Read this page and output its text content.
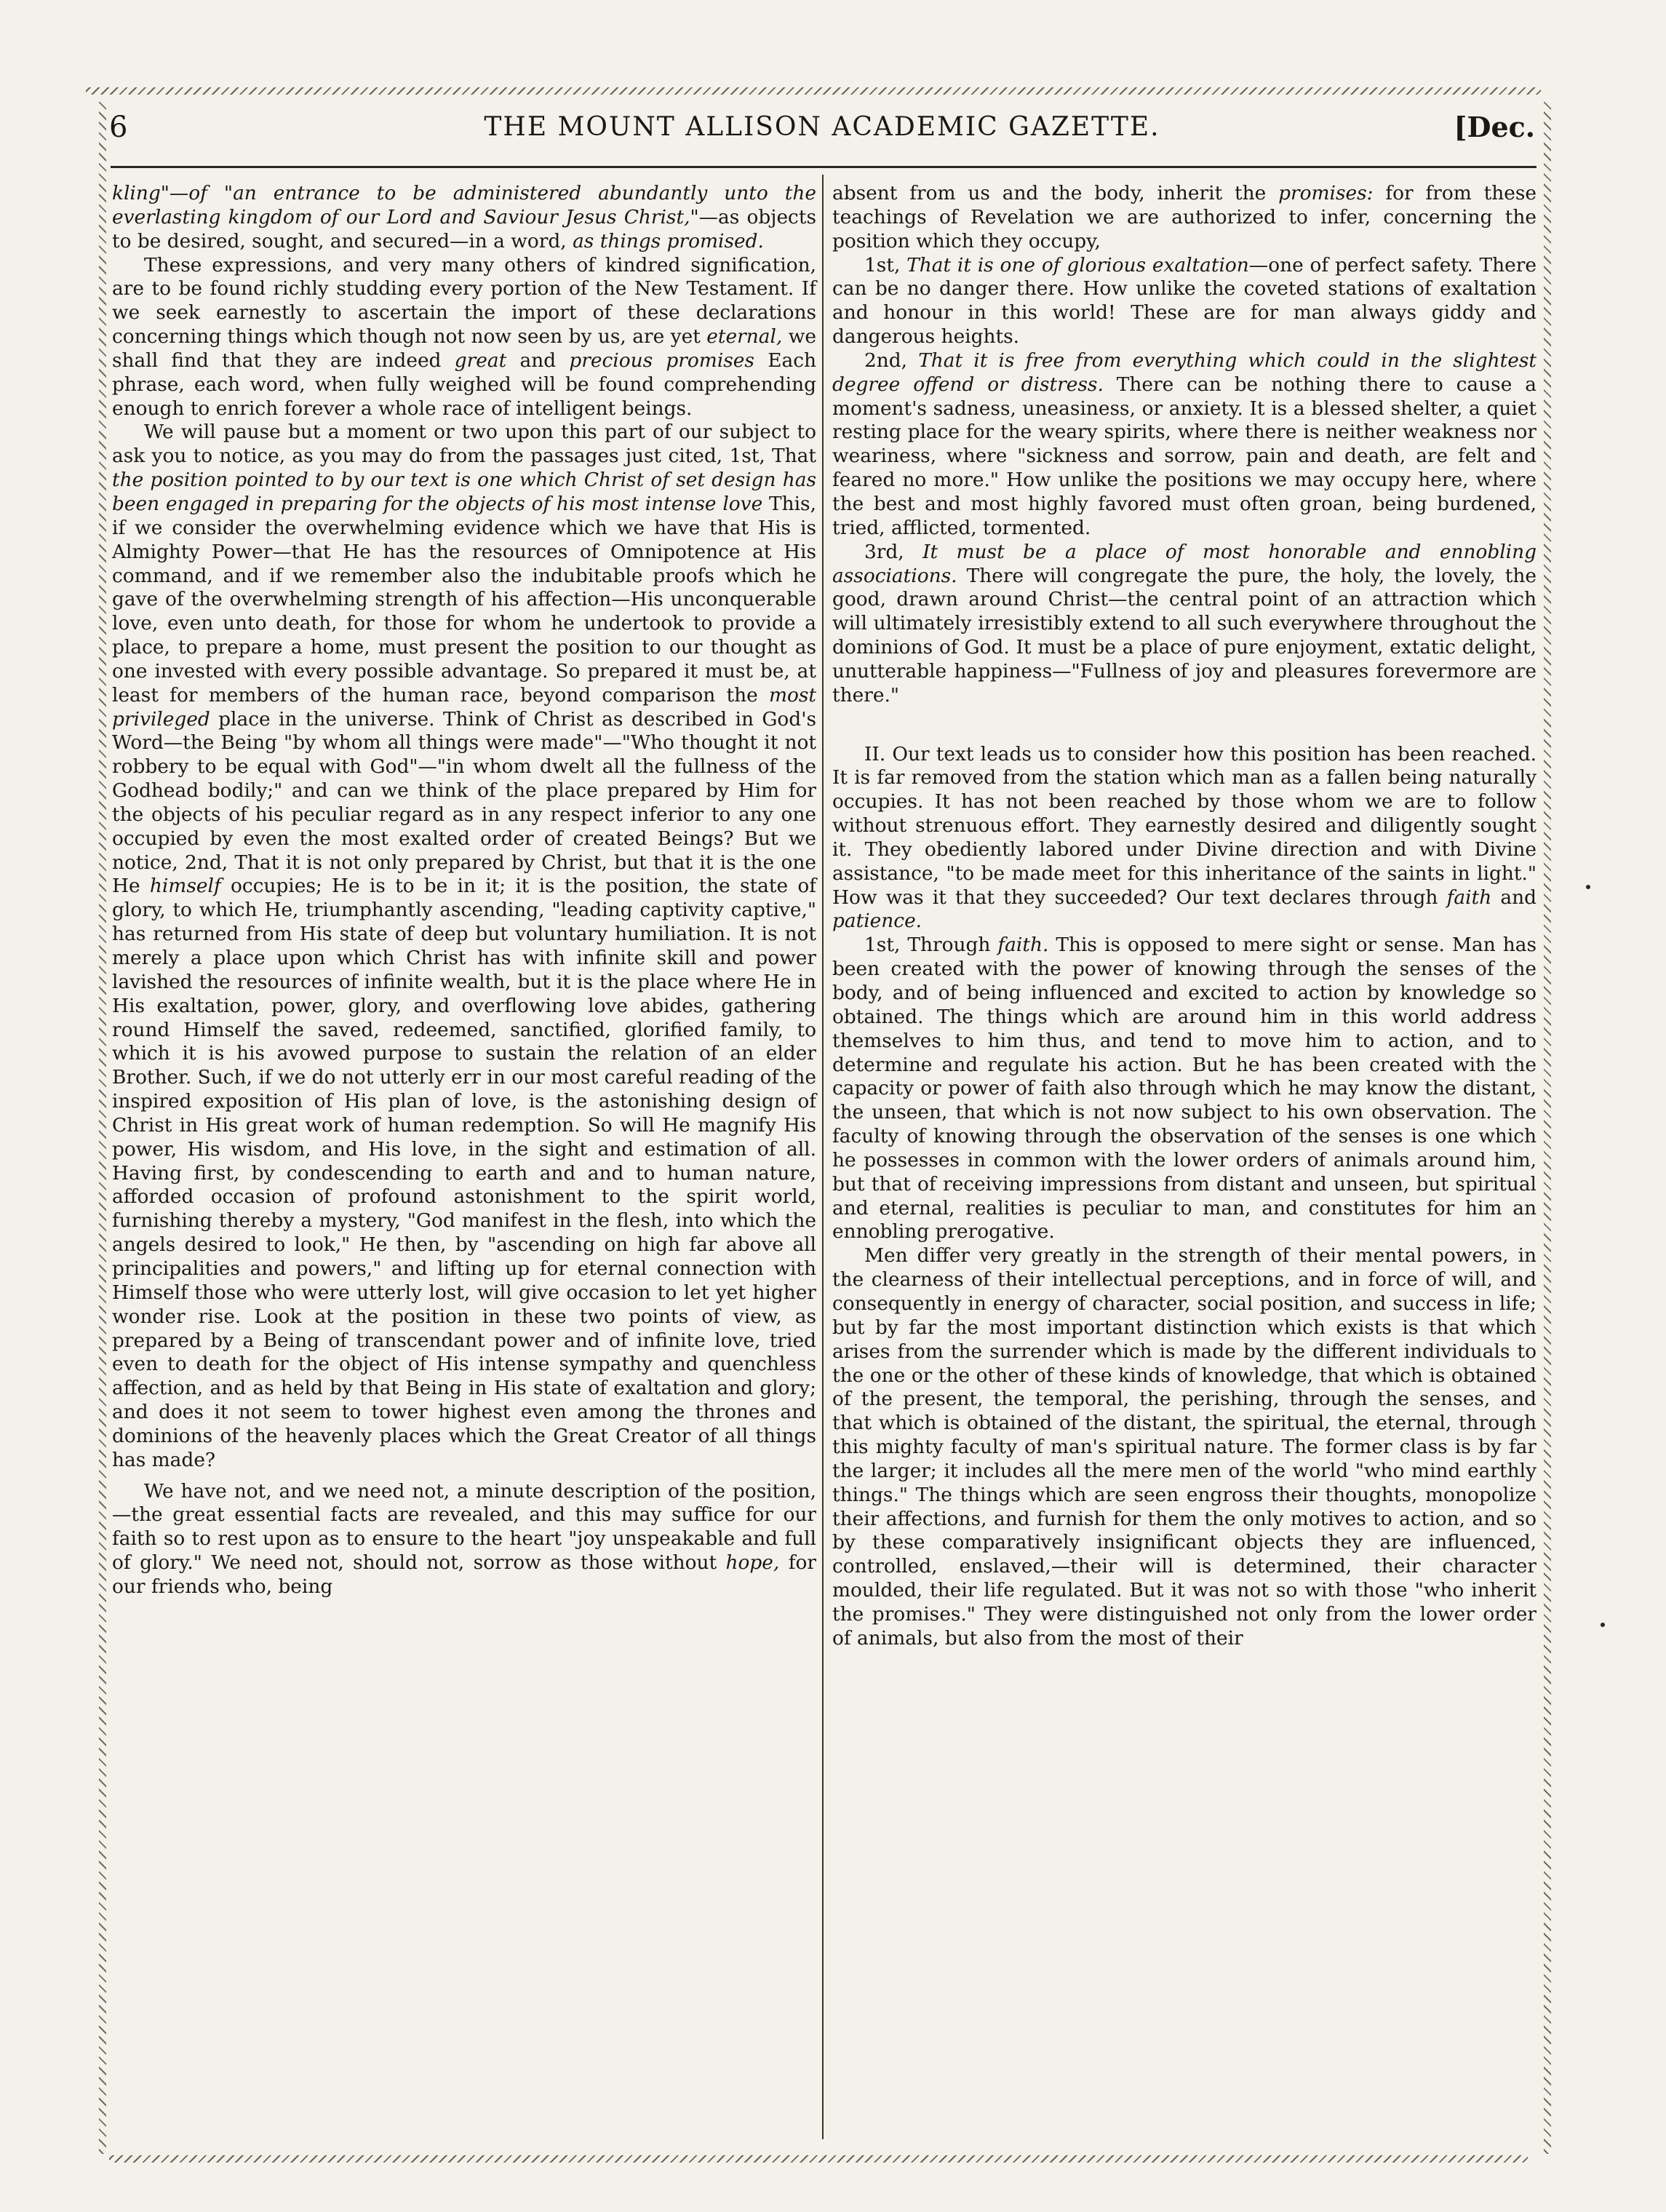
6	THE MOUNT ALLISON ACADEMIC GAZETTE.	[Dec.

kling"—of "an entrance to be administered abundantly unto the everlasting kingdom of our Lord and Saviour Jesus Christ,"—as objects to be desired, sought, and secured—in a word, as things promised.

These expressions, and very many others of kindred signification, are to be found richly studding every portion of the New Testament. If we seek earnestly to ascertain the import of these declarations concerning things which though not now seen by us, are yet eternal, we shall find that they are indeed great and precious promises Each phrase, each word, when fully weighed will be found comprehending enough to enrich forever a whole race of intelligent beings.

We will pause but a moment or two upon this part of our subject to ask you to notice, as you may do from the passages just cited, 1st, That the position pointed to by our text is one which Christ of set design has been engaged in preparing for the objects of his most intense love This, if we consider the overwhelming evidence which we have that His is Almighty Power—that He has the resources of Omnipotence at His command, and if we remember also the indubitable proofs which he gave of the overwhelming strength of his affection—His unconquerable love, even unto death, for those for whom he undertook to provide a place, to prepare a home, must present the position to our thought as one invested with every possible advantage. So prepared it must be, at least for members of the human race, beyond comparison the most privileged place in the universe. Think of Christ as described in God's Word—the Being "by whom all things were made"—"Who thought it not robbery to be equal with God"—"in whom dwelt all the fullness of the Godhead bodily;" and can we think of the place prepared by Him for the objects of his peculiar regard as in any respect inferior to any one occupied by even the most exalted order of created Beings? But we notice, 2nd, That it is not only prepared by Christ, but that it is the one He himself occupies; He is to be in it; it is the position, the state of glory, to which He, triumphantly ascending, "leading captivity captive," has returned from His state of deep but voluntary humiliation. It is not merely a place upon which Christ has with infinite skill and power lavished the resources of infinite wealth, but it is the place where He in His exaltation, power, glory, and overflowing love abides, gathering round Himself the saved, redeemed, sanctified, glorified family, to which it is his avowed purpose to sustain the relation of an elder Brother. Such, if we do not utterly err in our most careful reading of the inspired exposition of His plan of love, is the astonishing design of Christ in His great work of human redemption. So will He magnify His power, His wisdom, and His love, in the sight and estimation of all. Having first, by condescending to earth and and to human nature, afforded occasion of profound astonishment to the spirit world, furnishing thereby a mystery, "God manifest in the flesh, into which the angels desired to look," He then, by "ascending on high far above all principalities and powers," and lifting up for eternal connection with Himself those who were utterly lost, will give occasion to let yet higher wonder rise. Look at the position in these two points of view, as prepared by a Being of transcendant power and of infinite love, tried even to death for the object of His intense sympathy and quenchless affection, and as held by that Being in His state of exaltation and glory; and does it not seem to tower highest even among the thrones and dominions of the heavenly places which the Great Creator of all things has made?

We have not, and we need not, a minute description of the position,—the great essential facts are revealed, and this may suffice for our faith so to rest upon as to ensure to the heart "joy unspeakable and full of glory." We need not, should not, sorrow as those without hope, for our friends who, being

absent from us and the body, inherit the promises: for from these teachings of Revelation we are authorized to infer, concerning the position which they occupy,

1st, That it is one of glorious exaltation—one of perfect safety. There can be no danger there. How unlike the coveted stations of exaltation and honour in this world! These are for man always giddy and dangerous heights.

2nd, That it is free from everything which could in the slightest degree offend or distress. There can be nothing there to cause a moment's sadness, uneasiness, or anxiety. It is a blessed shelter, a quiet resting place for the weary spirits, where there is neither weakness nor weariness, where "sickness and sorrow, pain and death, are felt and feared no more." How unlike the positions we may occupy here, where the best and most highly favored must often groan, being burdened, tried, afflicted, tormented.

3rd, It must be a place of most honorable and ennobling associations. There will congregate the pure, the holy, the lovely, the good, drawn around Christ—the central point of an attraction which will ultimately irresistibly extend to all such everywhere throughout the dominions of God. It must be a place of pure enjoyment, extatic delight, unutterable happiness—"Fullness of joy and pleasures forevermore are there."

II. Our text leads us to consider how this position has been reached. It is far removed from the station which man as a fallen being naturally occupies. It has not been reached by those whom we are to follow without strenuous effort. They earnestly desired and diligently sought it. They obediently labored under Divine direction and with Divine assistance, "to be made meet for this inheritance of the saints in light." How was it that they succeeded? Our text declares through faith and patience.

1st, Through faith. This is opposed to mere sight or sense. Man has been created with the power of knowing through the senses of the body, and of being influenced and excited to action by knowledge so obtained. The things which are around him in this world address themselves to him thus, and tend to move him to action, and to determine and regulate his action. But he has been created with the capacity or power of faith also through which he may know the distant, the unseen, that which is not now subject to his own observation. The faculty of knowing through the observation of the senses is one which he possesses in common with the lower orders of animals around him, but that of receiving impressions from distant and unseen, but spiritual and eternal, realities is peculiar to man, and constitutes for him an ennobling prerogative.

Men differ very greatly in the strength of their mental powers, in the clearness of their intellectual perceptions, and in force of will, and consequently in energy of character, social position, and success in life; but by far the most important distinction which exists is that which arises from the surrender which is made by the different individuals to the one or the other of these kinds of knowledge, that which is obtained of the present, the temporal, the perishing, through the senses, and that which is obtained of the distant, the spiritual, the eternal, through this mighty faculty of man's spiritual nature. The former class is by far the larger; it includes all the mere men of the world "who mind earthly things." The things which are seen engross their thoughts, monopolize their affections, and furnish for them the only motives to action, and so by these comparatively insignificant objects they are influenced, controlled, enslaved,—their will is determined, their character moulded, their life regulated. But it was not so with those "who inherit the promises." They were distinguished not only from the lower order of animals, but also from the most of their
